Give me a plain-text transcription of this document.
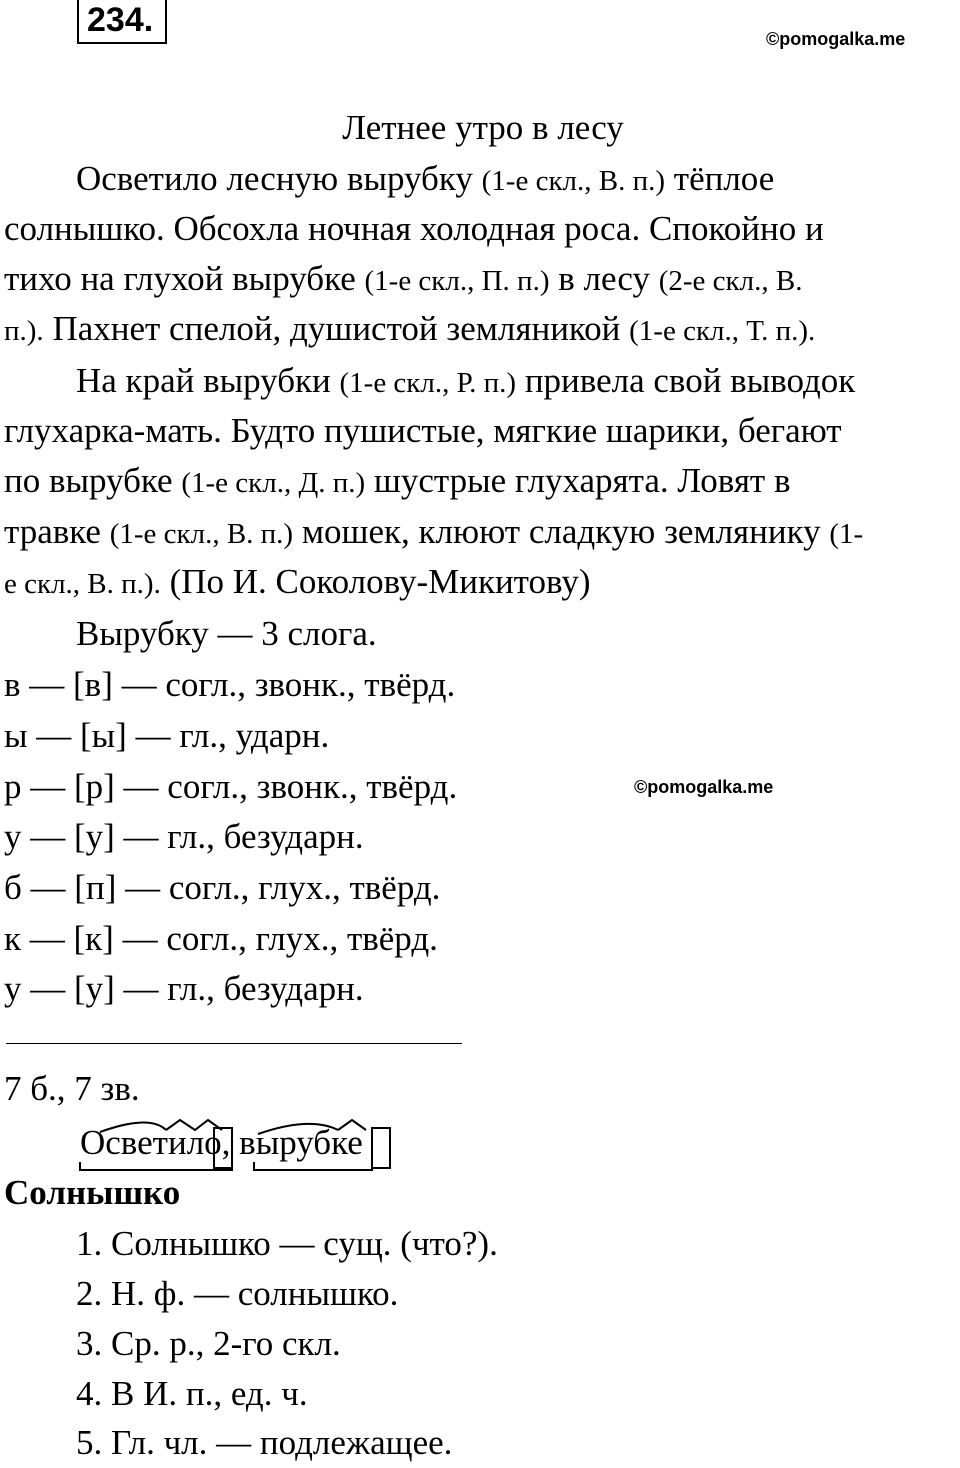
234.	©pomogalka.me
Летнее утро в лесу
Осветило лесную вырубку (1-е скл., В. п.) тёплое
солнышко. Обсохла ночная холодная роса. Спокойно и
тихо на глухой вырубке (1-е скл., П. п.) в лесу (2-е скл., В.
п.). Пахнет спелой, душистой земляникой (1-е скл., Т. п.).
На край вырубки (1-е скл., Р. п.) привела свой выводок
глухарка-мать. Будто пушистые, мягкие шарики, бегают
по вырубке (1-е скл., Д. п.) шустрые глухарята. Ловят в
травке (1-е скл., В. п.) мошек, клюют сладкую землянику (1-
е скл., В. п.). (По И. Соколову-Микитову)
Вырубку — 3 слога.
в — [в] — согл., звонк., твёрд.
ы — [ы] — гл., ударн.
р — [р] — согл., звонк., твёрд.
у — [у] — гл., безударн.
б — [п] — согл., глух., твёрд.
к — [к] — согл., глух., твёрд.
у — [у] — гл., безударн.
©pomogalka.me
7 б., 7 зв.
Осветило, вырубке
Солнышко
1. Солнышко — сущ. (что?).
2. Н. ф. — солнышко.
3. Ср. р., 2-го скл.
4. В И. п., ед. ч.
5. Гл. чл. — подлежащее.
